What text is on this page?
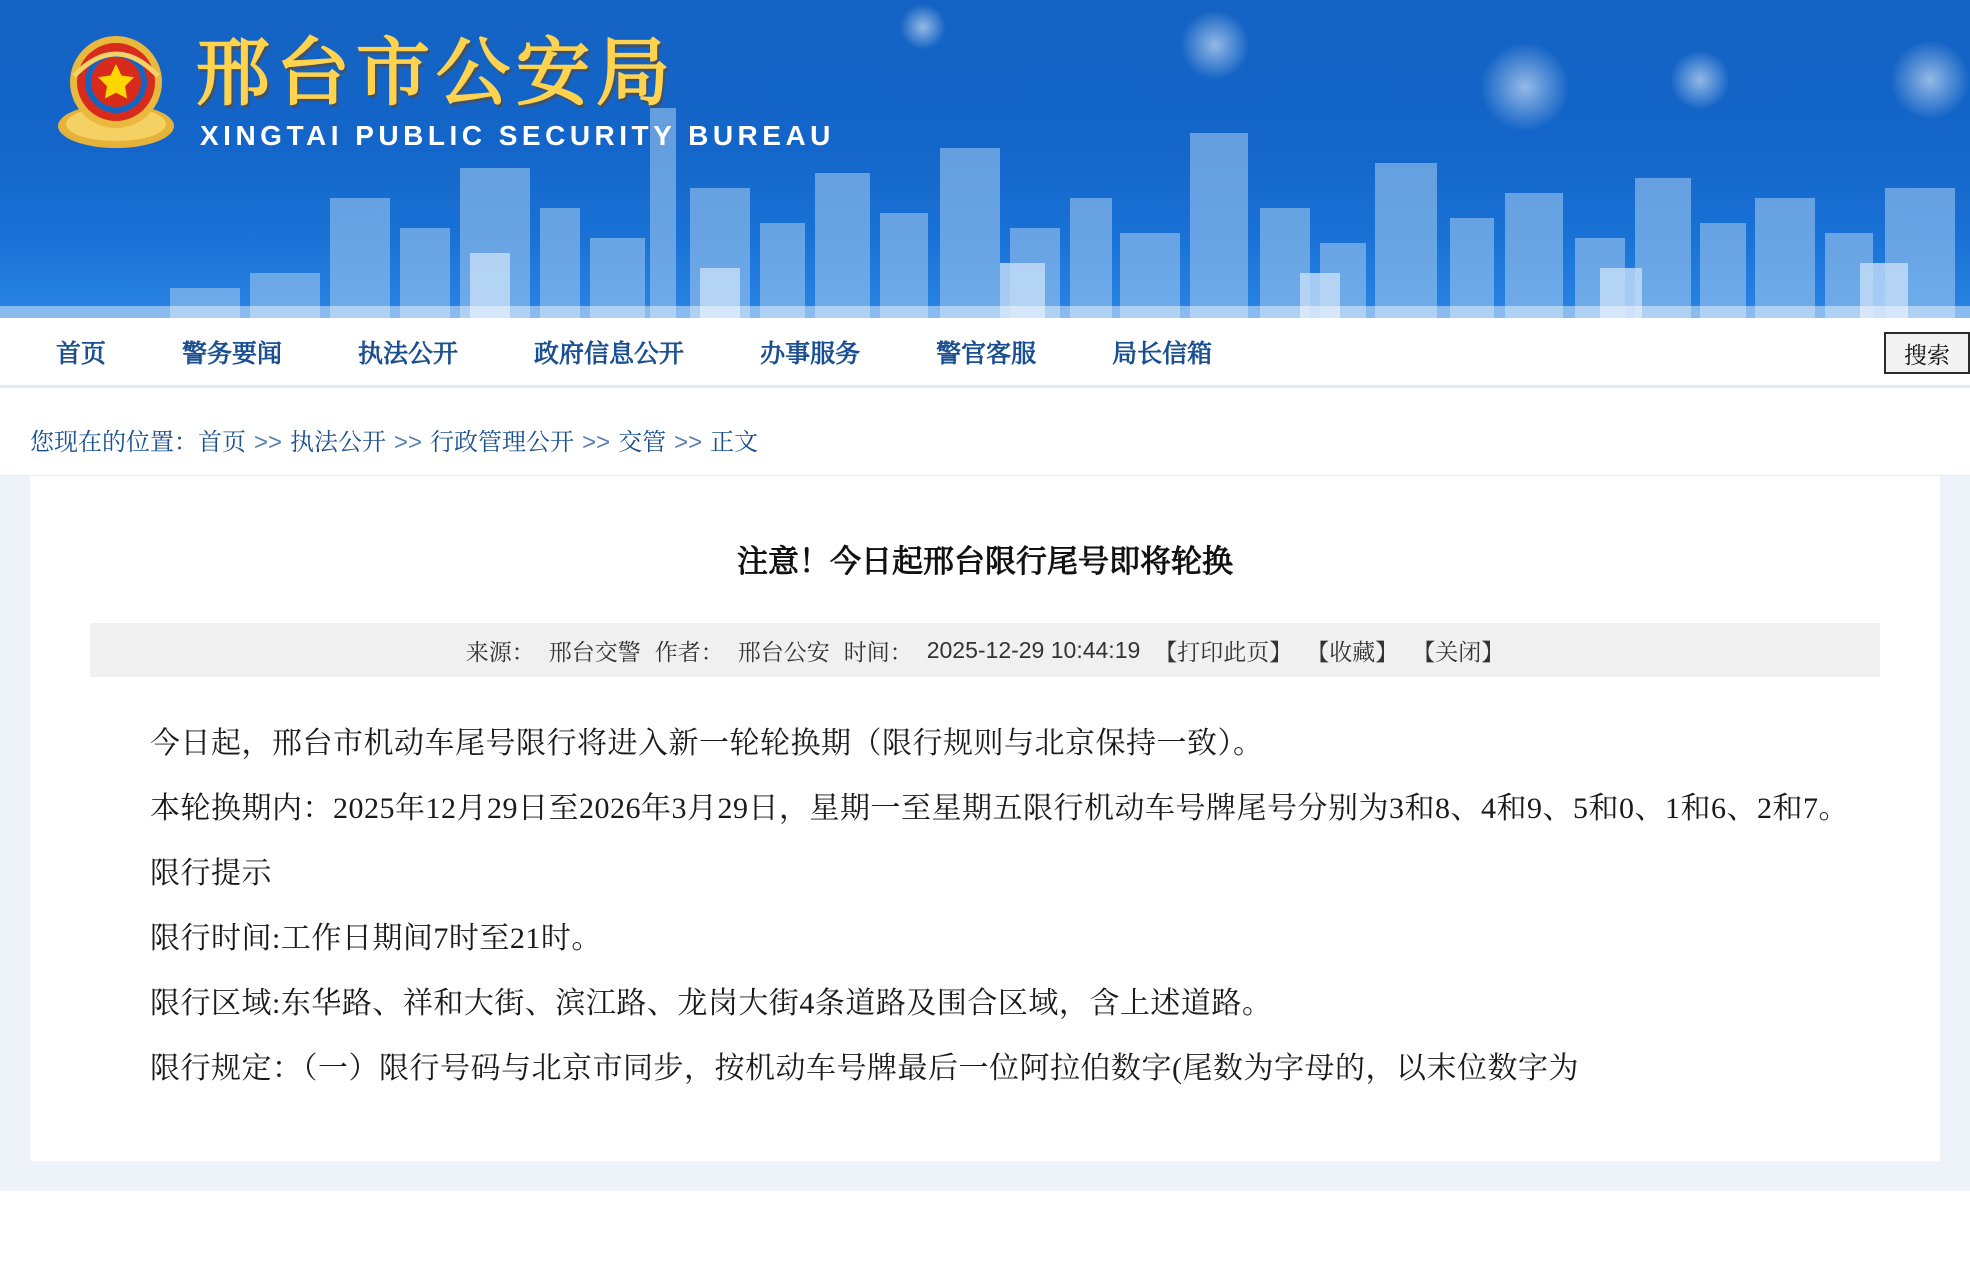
邢台市公安局
XINGTAI PUBLIC SECURITY BUREAU
首页	警务要闻	执法公开	政府信息公开	办事服务	警官客服	局长信箱	搜索
您现在的位置：首页 >> 执法公开 >> 行政管理公开 >> 交管 >> 正文
注意！今日起邢台限行尾号即将轮换
来源： 邢台交警 作者： 邢台公安 时间： 2025-12-29 10:44:19 【打印此页】 【收藏】 【关闭】

今日起，邢台市机动车尾号限行将进入新一轮轮换期（限行规则与北京保持一致）。

本轮换期内：2025年12月29日至2026年3月29日，星期一至星期五限行机动车号牌尾号分别为3和8、4和9、5和0、1和6、2和7。

限行提示

限行时间:工作日期间7时至21时。

限行区域:东华路、祥和大街、滨江路、龙岗大街4条道路及围合区域，含上述道路。

限行规定：（一）限行号码与北京市同步，按机动车号牌最后一位阿拉伯数字(尾数为字母的，以末位数字为
